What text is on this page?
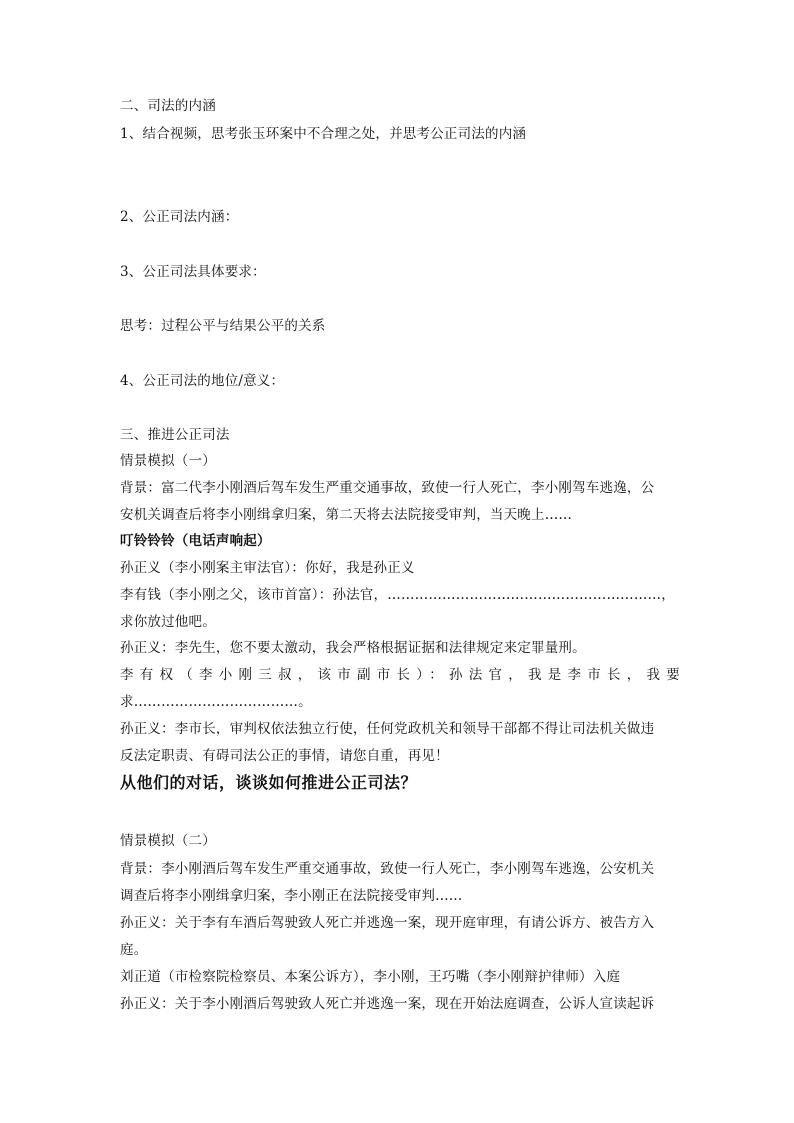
二、司法的内涵
1、结合视频，思考张玉环案中不合理之处，并思考公正司法的内涵
2、公正司法内涵：
3、公正司法具体要求：
思考：过程公平与结果公平的关系
4、公正司法的地位/意义：
三、推进公正司法
情景模拟（一）
背景：富二代李小刚酒后驾车发生严重交通事故，致使一行人死亡，李小刚驾车逃逸，公
安机关调查后将李小刚缉拿归案，第二天将去法院接受审判，当天晚上……
叮铃铃铃（电话声响起）
孙正义（李小刚案主审法官）：你好，我是孙正义
李有钱（李小刚之父，该市首富）：孙法官，……………………………………………………，
求你放过他吧。
孙正义：李先生，您不要太激动，我会严格根据证据和法律规定来定罪量刑。
李有权（李小刚三叔，该市副市长）：孙法官，我是李市长，我要
求………………………………。
孙正义：李市长，审判权依法独立行使，任何党政机关和领导干部都不得让司法机关做违
反法定职责、有碍司法公正的事情，请您自重，再见！
从他们的对话，谈谈如何推进公正司法？
情景模拟（二）
背景：李小刚酒后驾车发生严重交通事故，致使一行人死亡，李小刚驾车逃逸，公安机关
调查后将李小刚缉拿归案，李小刚正在法院接受审判……
孙正义：关于李有车酒后驾驶致人死亡并逃逸一案，现开庭审理，有请公诉方、被告方入
庭。
刘正道（市检察院检察员、本案公诉方），李小刚，王巧嘴（李小刚辩护律师）入庭
孙正义：关于李小刚酒后驾驶致人死亡并逃逸一案，现在开始法庭调查，公诉人宣读起诉
